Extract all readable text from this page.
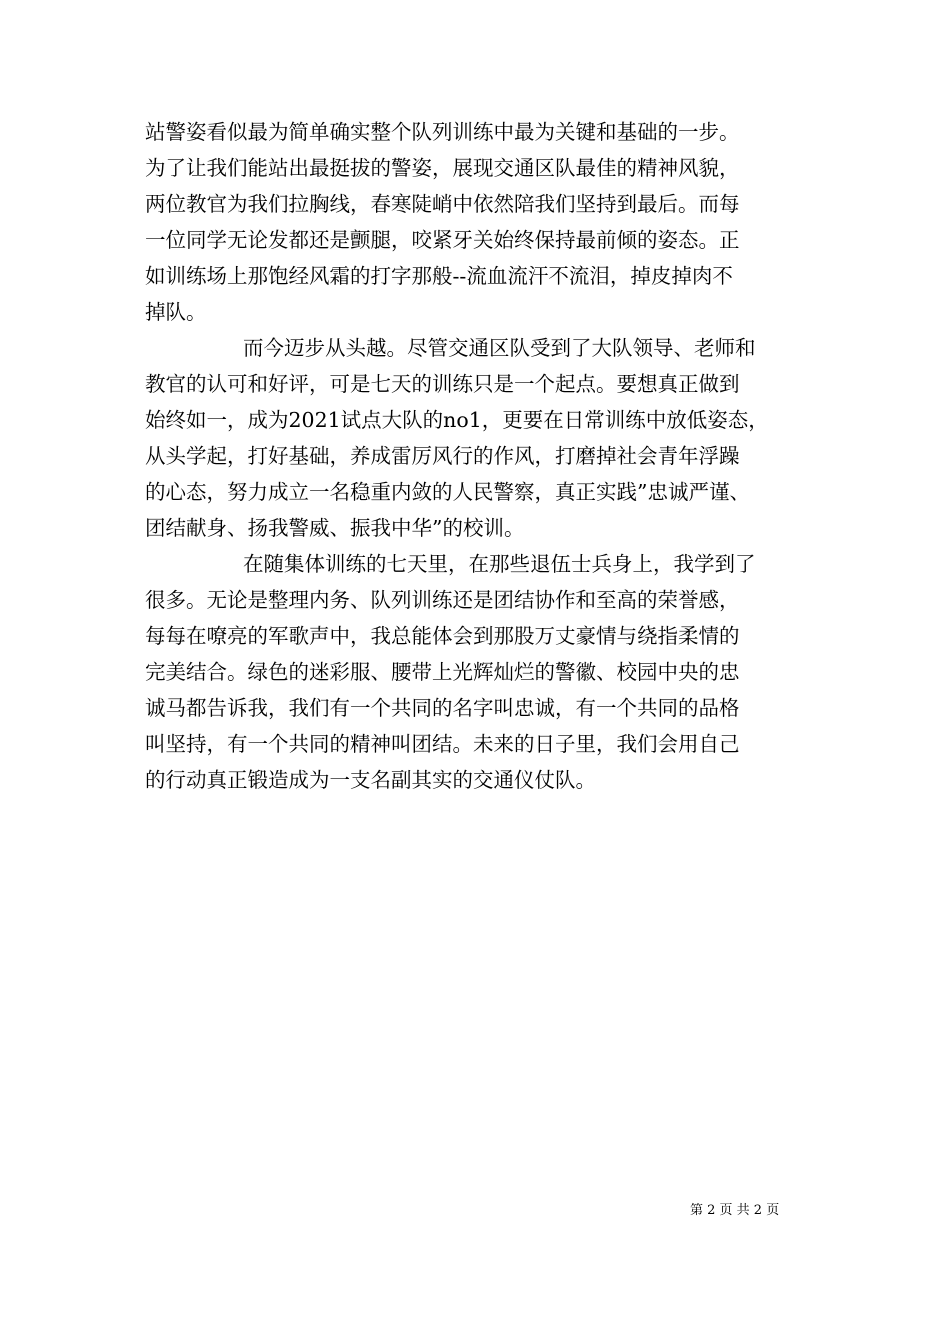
站警姿看似最为简单确实整个队列训练中最为关键和基础的一步。
为了让我们能站出最挺拔的警姿，展现交通区队最佳的精神风貌，
两位教官为我们拉胸线，春寒陡峭中依然陪我们坚持到最后。而每
一位同学无论发都还是颤腿，咬紧牙关始终保持最前倾的姿态。正
如训练场上那饱经风霜的打字那般--流血流汗不流泪，掉皮掉肉不
掉队。
而今迈步从头越。尽管交通区队受到了大队领导、老师和
教官的认可和好评，可是七天的训练只是一个起点。要想真正做到
始终如一，成为2021试点大队的no1，更要在日常训练中放低姿态，
从头学起，打好基础，养成雷厉风行的作风，打磨掉社会青年浮躁
的心态，努力成立一名稳重内敛的人民警察，真正实践”忠诚严谨、
团结献身、扬我警威、振我中华”的校训。
在随集体训练的七天里，在那些退伍士兵身上，我学到了
很多。无论是整理内务、队列训练还是团结协作和至高的荣誉感，
每每在嘹亮的军歌声中，我总能体会到那股万丈豪情与绕指柔情的
完美结合。绿色的迷彩服、腰带上光辉灿烂的警徽、校园中央的忠
诚马都告诉我，我们有一个共同的名字叫忠诚，有一个共同的品格
叫坚持，有一个共同的精神叫团结。未来的日子里，我们会用自己
的行动真正锻造成为一支名副其实的交通仪仗队。
第 2 页 共 2 页
